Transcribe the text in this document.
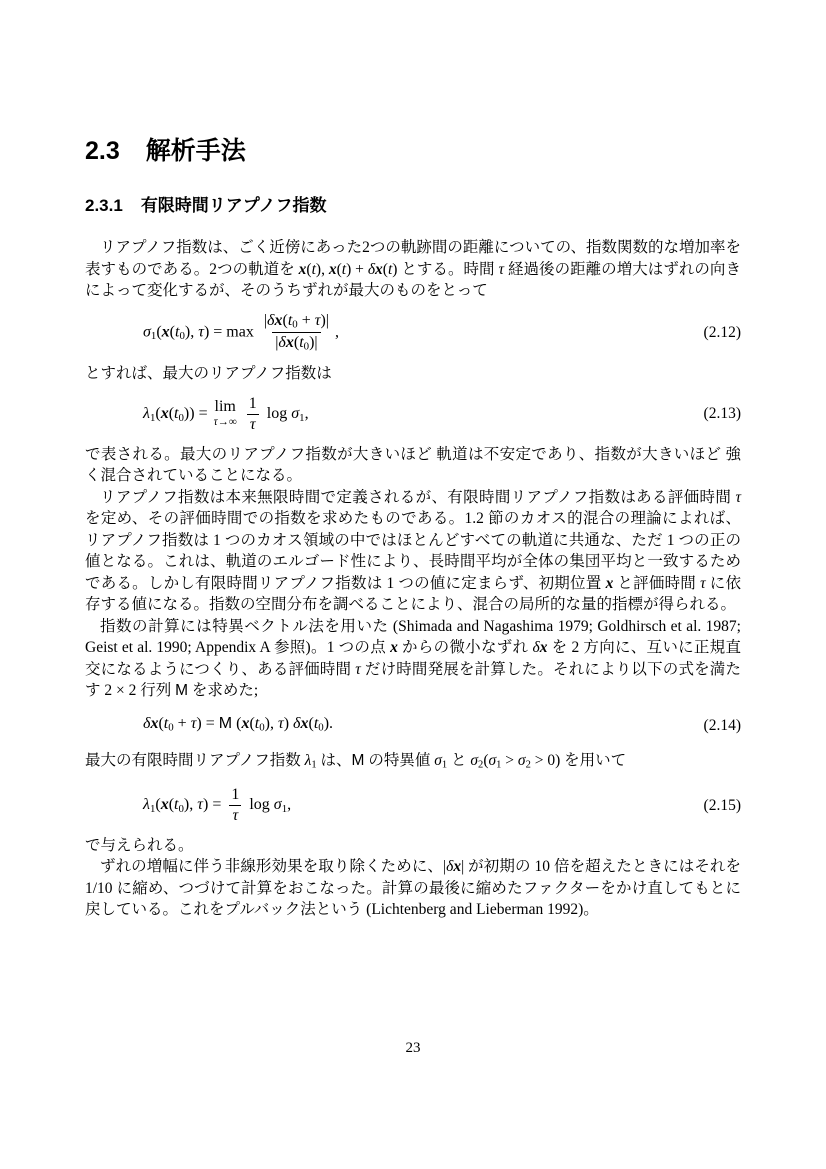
2.3 解析手法
2.3.1 有限時間リアプノフ指数

リアプノフ指数は、ごく近傍にあった2つの軌跡間の距離についての、指数関数的な増加率を表すものである。2つの軌道を x(t), x(t) + δx(t) とする。時間 τ 経過後の距離の増大はずれの向きによって変化するが、そのうちずれが最大のものをとって

σ1(x(t0), $\tau) = \max \frac{|\delta x(t0 + \tau)|}{|\delta x(t0)|}$ ,	(2.12)

とすれば、最大のリアプノフ指数は

λ1(x(t0)) = lim
τ→∞
$\frac{1}{\tau}$ log σ1,	(2.13)

で表される。最大のリアプノフ指数が大きいほど 軌道は不安定であり、指数が大きいほど 強く混合されていることになる。

リアプノフ指数は本来無限時間で定義されるが、有限時間リアプノフ指数はある評価時間 τ を定め、その評価時間での指数を求めたものである。1.2 節のカオス的混合の理論によれば、リアプノフ指数は 1 つのカオス領域の中ではほとんどすべての軌道に共通な、ただ 1 つの正の値となる。これは、軌道のエルゴード性により、長時間平均が全体の集団平均と一致するためである。しかし有限時間リアプノフ指数は 1 つの値に定まらず、初期位置 x と評価時間 τ に依存する値になる。指数の空間分布を調べることにより、混合の局所的な量的指標が得られる。

指数の計算には特異ベクトル法を用いた (Shimada and Nagashima 1979; Goldhirsch et al. 1987; Geist et al. 1990; Appendix A 参照)。1 つの点 x からの微小なずれ δx を 2 方向に、互いに正規直交になるようにつくり、ある評価時間 τ だけ時間発展を計算した。それにより以下の式を満たす 2 × 2 行列 M を求めた;

δx(t0 + τ) = M (x(t0), τ) δx(t0).	(2.14)

最大の有限時間リアプノフ指数 λ1 は、M の特異値 σ1 と σ2(σ1 > σ2 > 0) を用いて

λ1(x(t0), $\tau) = \frac{1}{\tau}$ log σ1,	(2.15)

で与えられる。

ずれの増幅に伴う非線形効果を取り除くために、|δx| が初期の 10 倍を超えたときにはそれを 1/10 に縮め、つづけて計算をおこなった。計算の最後に縮めたファクターをかけ直してもとに戻している。これをプルバック法という (Lichtenberg and Lieberman 1992)。

23
